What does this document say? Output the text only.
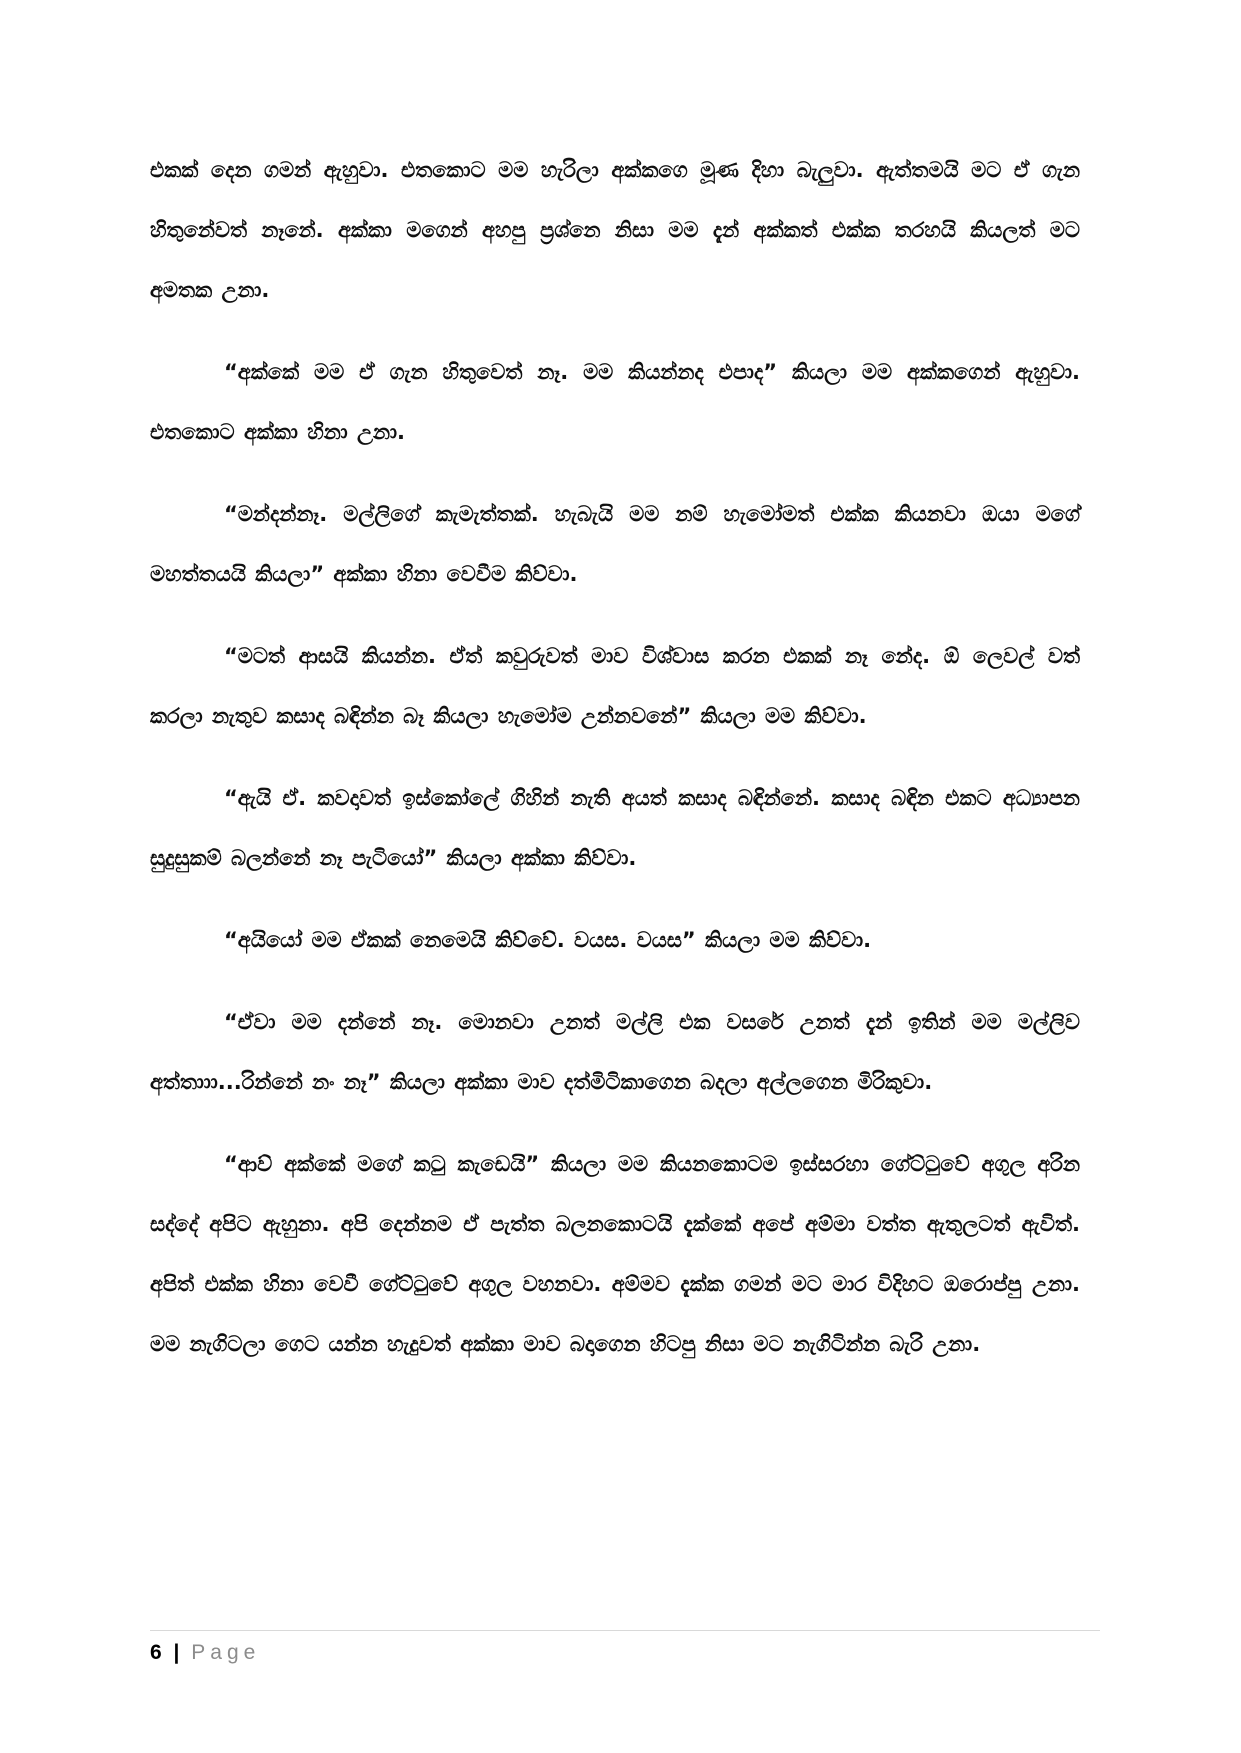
එකක් දෙන ගමන් ඇහුවා. එතකොට මම හැරිලා අක්කගෙ මූණ දිහා බැලුවා. ඇත්තමයි මට ඒ ගැන හිතුනේවත් නෑනේ. අක්කා මගෙන් අහපු ප්‍රශ්නෙ නිසා මම දැන් අක්කත් එක්ක තරහයි කියලත් මට අමතක උනා.

“අක්කේ මම ඒ ගැන හිතුවෙත් නෑ. මම කියන්නද එපාද” කියලා මම අක්කගෙන් ඇහුවා. එතකොට අක්කා හිනා උනා.

“මන්දන්නෑ. මල්ලිගේ කැමැත්තක්. හැබැයි මම නම් හැමෝමත් එක්ක කියනවා ඔයා මගේ මහත්තයයි කියලා” අක්කා හිනා වෙවීම කිව්වා.

“මටත් ආසයි කියන්න. ඒත් කවුරුවත් මාව විශ්වාස කරන එකක් නෑ නේද. ඕ ලෙවල් වත් කරලා නැතුව කසාද බඳින්න බෑ කියලා හැමෝම උන්නවනේ” කියලා මම කිව්වා.

“ඇයි ඒ. කවදාවත් ඉස්කෝලේ ගිහින් නැති අයත් කසාද බඳින්නේ. කසාද බඳින එකට අධ්‍යාපන සුදුසුකම් බලන්නේ නෑ පැටියෝ” කියලා අක්කා කිව්වා.

“අයියෝ මම ඒකක් නෙමෙයි කිව්වේ. වයස. වයස” කියලා මම කිව්වා.

“ඒවා මම දන්නේ නෑ. මොනවා උනත් මල්ලි එක වසරේ උනත් දැන් ඉතින් මම මල්ලිව අත්තාාා...රින්නේ නං නෑ” කියලා අක්කා මාව දත්මිටිකාගෙන බදලා අල්ලගෙන මිරිකුවා.

“ආව් අක්කේ මගේ කටු කැඩෙයි” කියලා මම කියනකොටම ඉස්සරහා ගේට්ටුවේ අගුල අරින සද්දේ අපිට ඇහුනා. අපි දෙන්නම ඒ පැත්ත බලනකොටයි දැක්කේ අපේ අම්මා වත්ත ඇතුලටත් ඇවිත්. අපිත් එක්ක හිනා වෙවී ගේට්ටුවේ අගුල වහනවා. අම්මව දැක්ක ගමන් මට මාර විදිහට ඔරොප්පු උනා. මම නැගිටලා ගෙට යන්න හැදුවත් අක්කා මාව බදාගෙන හිටපු නිසා මට නැගිටින්න බැරි උනා.

6 | Page
